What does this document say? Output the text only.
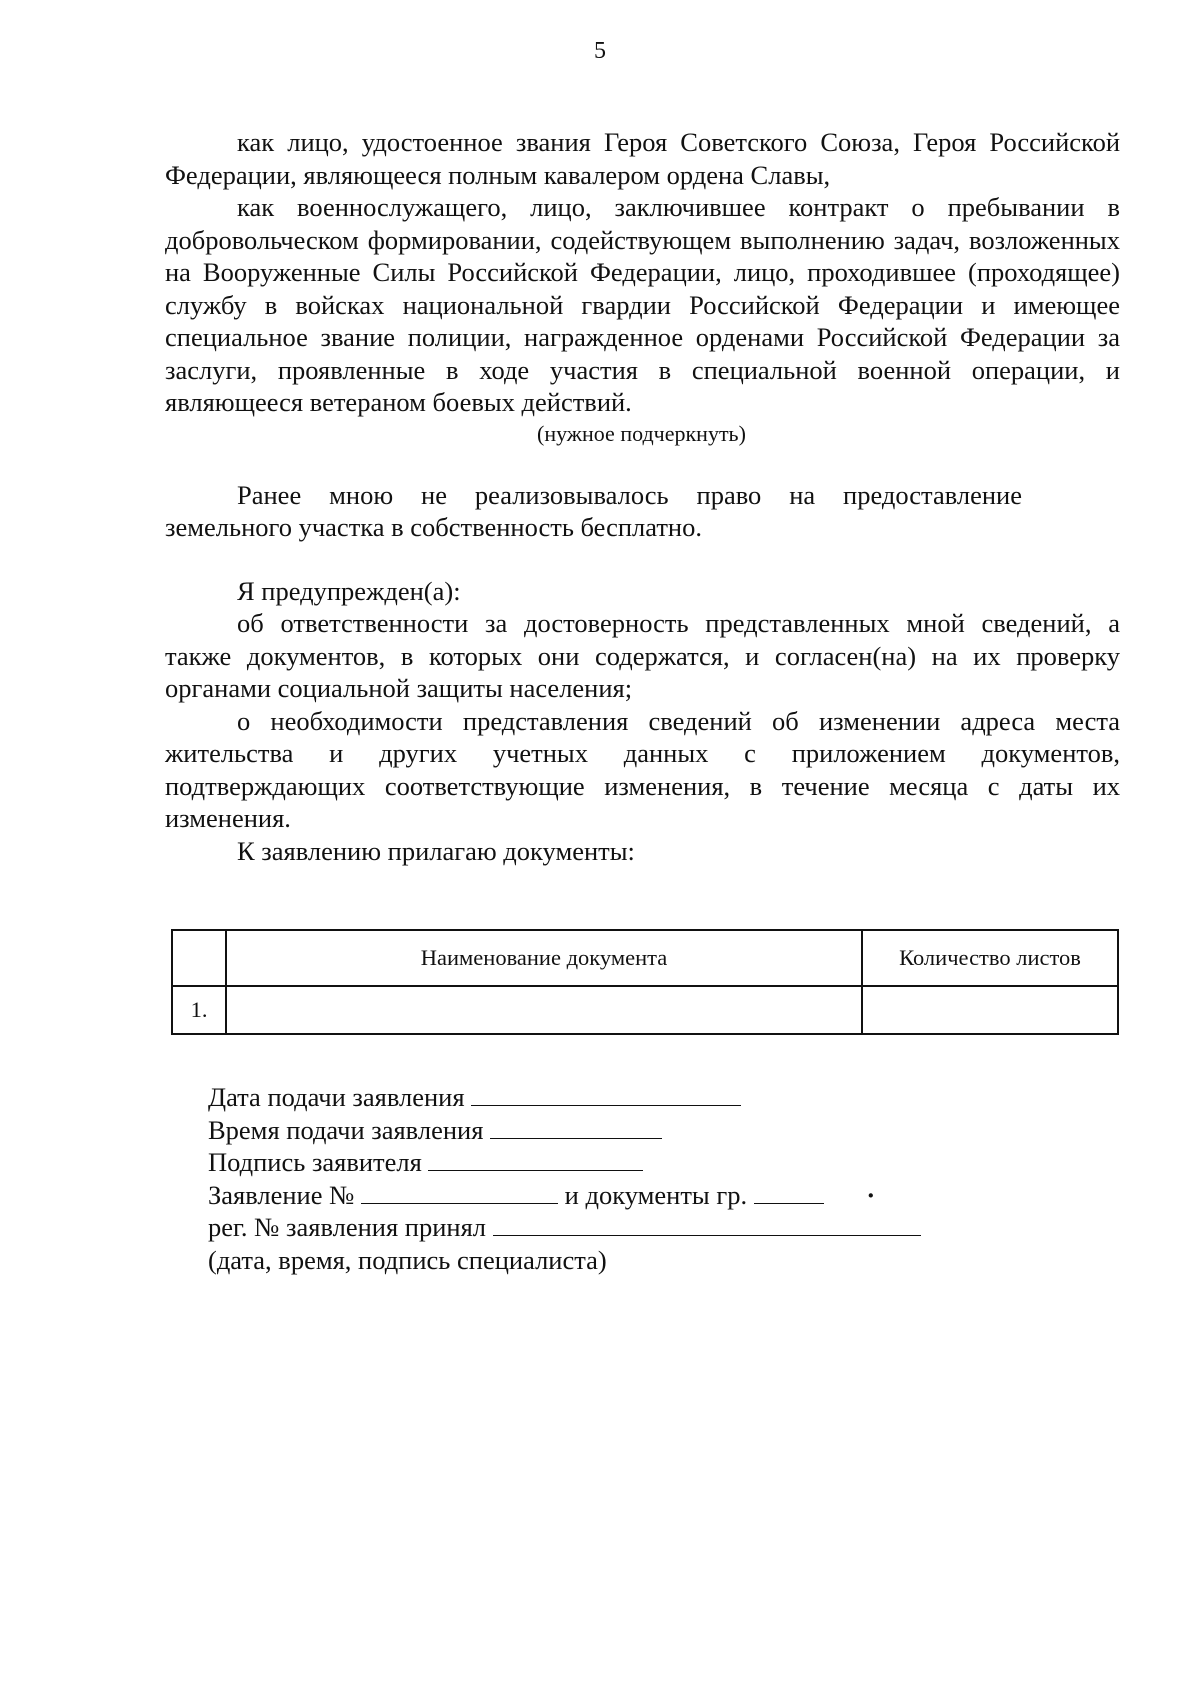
5

как лицо, удостоенное звания Героя Советского Союза, Героя Российской Федерации, являющееся полным кавалером ордена Славы,

как военнослужащего, лицо, заключившее контракт о пребывании в добровольческом формировании, содействующем выполнению задач, возложенных на Вооруженные Силы Российской Федерации, лицо, проходившее (проходящее) службу в войсках национальной гвардии Российской Федерации и имеющее специальное звание полиции, награжденное орденами Российской Федерации за заслуги, проявленные в ходе участия в специальной военной операции, и являющееся ветераном боевых действий.

(нужное подчеркнуть)

Ранее мною не реализовывалось право на предоставление земельного участка в собственность бесплатно.

Я предупрежден(а):

об ответственности за достоверность представленных мной сведений, а также документов, в которых они содержатся, и согласен(на) на их проверку органами социальной защиты населения;

о необходимости представления сведений об изменении адреса места жительства и других учетных данных с приложением документов, подтверждающих соответствующие изменения, в течение месяца с даты их изменения.

К заявлению прилагаю документы:

	Наименование документа	Количество листов
1.		
Дата подачи заявления
Время подачи заявления
Подпись заявителя
Заявление №	и документы гр.	·
рег. № заявления принял
(дата, время, подпись специалиста)
